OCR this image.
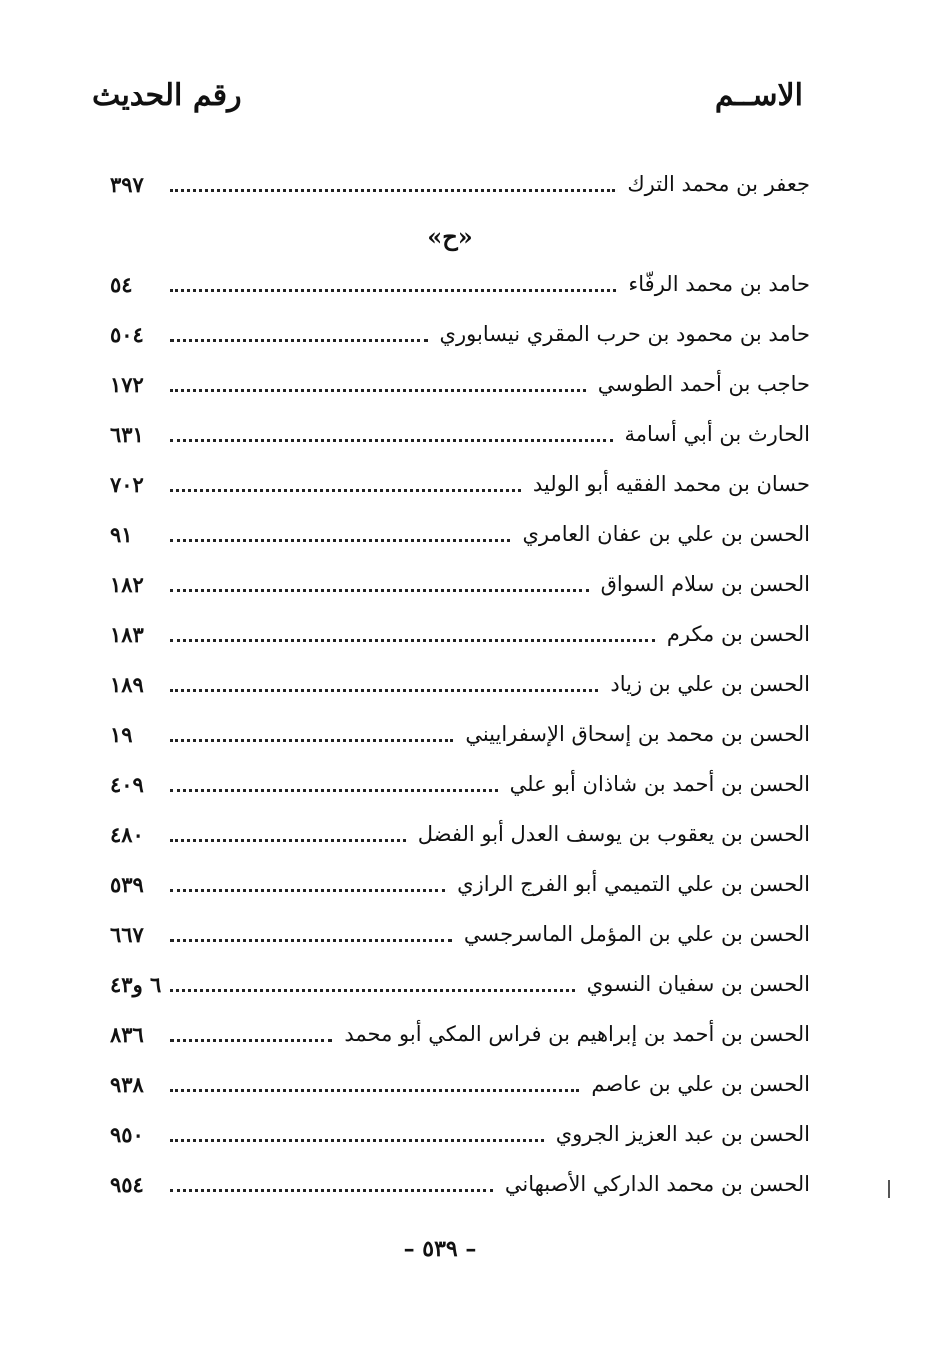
الاســم
رقم الحديث
جعفر بن محمد الترك
٣٩٧
«ح»
حامد بن محمد الرفّاء
٥٤
حامد بن محمود بن حرب المقري نيسابوري
٥٠٤
حاجب بن أحمد الطوسي
١٧٢
الحارث بن أبي أسامة
٦٣١
حسان بن محمد الفقيه أبو الوليد
٧٠٢
الحسن بن علي بن عفان العامري
٩١
الحسن بن سلام السواق
١٨٢
الحسن بن مكرم
١٨٣
الحسن بن علي بن زياد
١٨٩
الحسن بن محمد بن إسحاق الإسفراييني
١٩
الحسن بن أحمد بن شاذان أبو علي
٤٠٩
الحسن بن يعقوب بن يوسف العدل أبو الفضل
٤٨٠
الحسن بن علي التميمي أبو الفرج الرازي
٥٣٩
الحسن بن علي بن المؤمل الماسرجسي
٦٦٧
الحسن بن سفيان النسوي
٦ و٤٣
الحسن بن أحمد بن إبراهيم بن فراس المكي أبو محمد
٨٣٦
الحسن بن علي بن عاصم
٩٣٨
الحسن بن عبد العزيز الجروي
٩٥٠
الحسن بن محمد الداركي الأصبهاني
٩٥٤
– ٥٣٩ –
